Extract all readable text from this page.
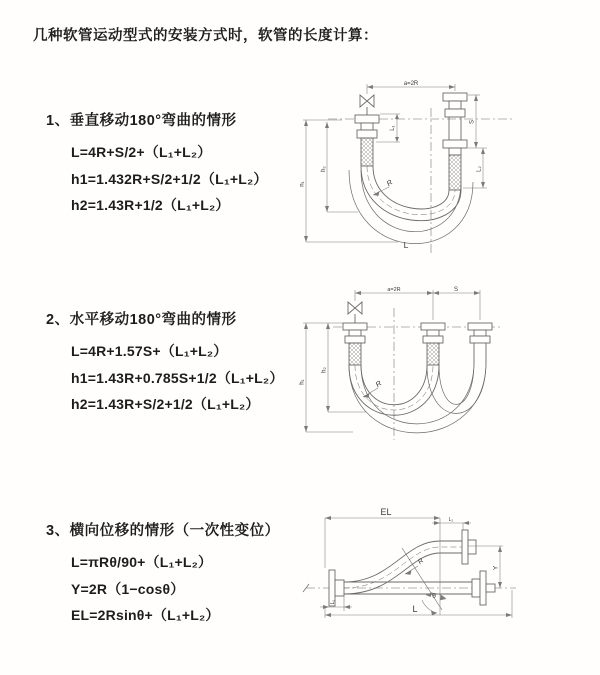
几种软管运动型式的安装方式时，软管的长度计算：
1、垂直移动180°弯曲的情形
L=4R+S/2+（L₁+L₂）
h1=1.432R+S/2+1/2（L₁+L₂）
h2=1.43R+1/2（L₁+L₂）
2、水平移动180°弯曲的情形
L=4R+1.57S+（L₁+L₂）
h1=1.43R+0.785S+1/2（L₁+L₂）
h2=1.43R+S/2+1/2（L₁+L₂）
3、横向位移的情形（一次性变位）
L=πRθ/90+（L₁+L₂）
Y=2R（1−cosθ）
EL=2Rsinθ+（L₁+L₂）
a=2R
h₁
h₂
L₁
S
L₂
R
L
a=2R	S
h₁
h₂
R
EL
L₂
Y
R
θ
L
L₁
